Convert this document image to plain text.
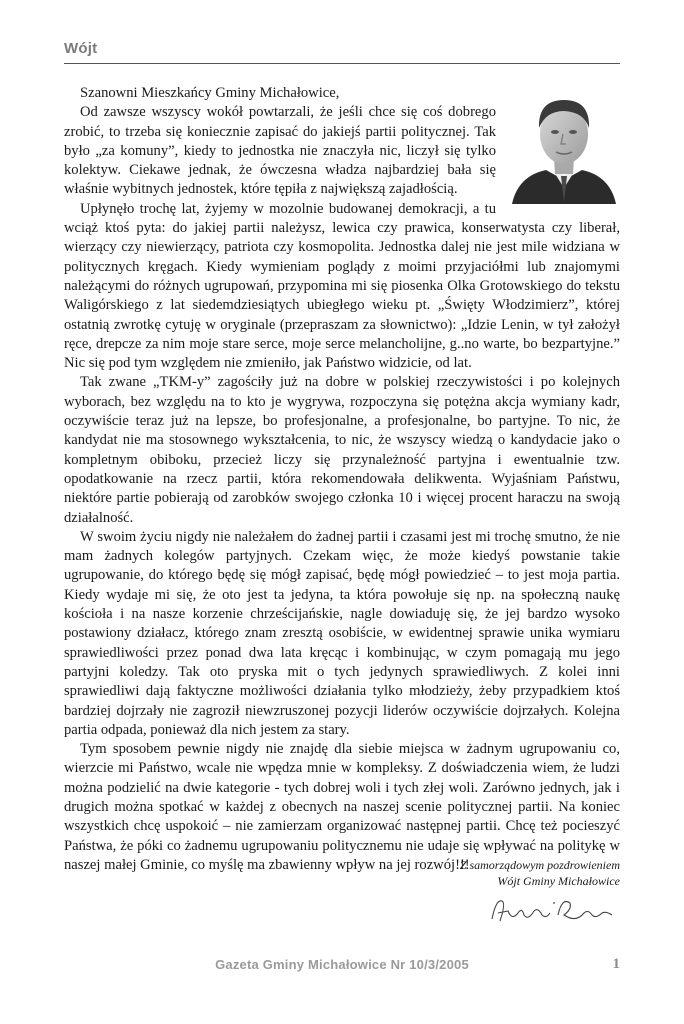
Wójt

Szanowni Mieszkańcy Gminy Michałowice,

Od zawsze wszyscy wokół powtarzali, że jeśli chce się coś dobrego zrobić, to trzeba się koniecznie zapisać do jakiejś partii politycznej. Tak było „za komuny”, kiedy to jednostka nie znaczyła nic, liczył się tylko kolektyw. Ciekawe jednak, że ówczesna władza najbardziej bała się właśnie wybitnych jednostek, które tępiła z największą zajadłością.

Upłynęło trochę lat, żyjemy w mozolnie budowanej demokracji, a tu wciąż ktoś pyta: do jakiej partii należysz, lewica czy prawica, konserwatysta czy liberał, wierzący czy niewierzący, patriota czy kosmopolita. Jednostka dalej nie jest mile widziana w politycznych kręgach. Kiedy wymieniam poglądy z moimi przyjaciółmi lub znajomymi należącymi do różnych ugrupowań, przypomina mi się piosenka Olka Grotowskiego do tekstu Waligórskiego z lat siedemdziesiątych ubiegłego wieku pt. „Święty Włodzimierz”, której ostatnią zwrotkę cytuję w oryginale (przepraszam za słownictwo): „Idzie Lenin, w tył założył ręce, drepcze za nim moje stare serce, moje serce melancholijne, g..no warte, bo bezpartyjne.” Nic się pod tym względem nie zmieniło, jak Państwo widzicie, od lat.

Tak zwane „TKM-y” zagościły już na dobre w polskiej rzeczywistości i po kolejnych wyborach, bez względu na to kto je wygrywa, rozpoczyna się potężna akcja wymiany kadr, oczywiście teraz już na lepsze, bo profesjonalne, a profesjonalne, bo partyjne. To nic, że kandydat nie ma stosownego wykształcenia, to nic, że wszyscy wiedzą o kandydacie jako o kompletnym obiboku, przecież liczy się przynależność partyjna i ewentualnie tzw. opodatkowanie na rzecz partii, która rekomendowała delikwenta. Wyjaśniam Państwu, niektóre partie pobierają od zarobków swojego członka 10 i więcej procent haraczu na swoją działalność.

W swoim życiu nigdy nie należałem do żadnej partii i czasami jest mi trochę smutno, że nie mam żadnych kolegów partyjnych. Czekam więc, że może kiedyś powstanie takie ugrupowanie, do którego będę się mógł zapisać, będę mógł powiedzieć – to jest moja partia. Kiedy wydaje mi się, że oto jest ta jedyna, ta która powołuje się np. na społeczną naukę kościoła i na nasze korzenie chrześcijańskie, nagle dowiaduję się, że jej bardzo wysoko postawiony działacz, którego znam zresztą osobiście, w ewidentnej sprawie unika wymiaru sprawiedliwości przez ponad dwa lata kręcąc i kombinując, w czym pomagają mu jego partyjni koledzy. Tak oto pryska mit o tych jedynych sprawiedliwych. Z kolei inni sprawiedliwi dają faktyczne możliwości działania tylko młodzieży, żeby przypadkiem ktoś bardziej dojrzały nie zagroził niewzruszonej pozycji liderów oczywiście dojrzałych. Kolejna partia odpada, ponieważ dla nich jestem za stary.

Tym sposobem pewnie nigdy nie znajdę dla siebie miejsca w żadnym ugrupowaniu co, wierzcie mi Państwo, wcale nie wpędza mnie w kompleksy. Z doświadczenia wiem, że ludzi można podzielić na dwie kategorie - tych dobrej woli i tych złej woli. Zarówno jednych, jak i drugich można spotkać w każdej z obecnych na naszej scenie politycznej partii. Na koniec wszystkich chcę uspokoić – nie zamierzam organizować następnej partii. Chcę też pocieszyć Państwa, że póki co żadnemu ugrupowaniu politycznemu nie udaje się wpływać na politykę w naszej małej Gminie, co myślę ma zbawienny wpływ na jej rozwój!!!

Z samorządowym pozdrowieniem
Wójt Gminy Michałowice
Gazeta Gminy Michałowice Nr 10/3/2005	1
